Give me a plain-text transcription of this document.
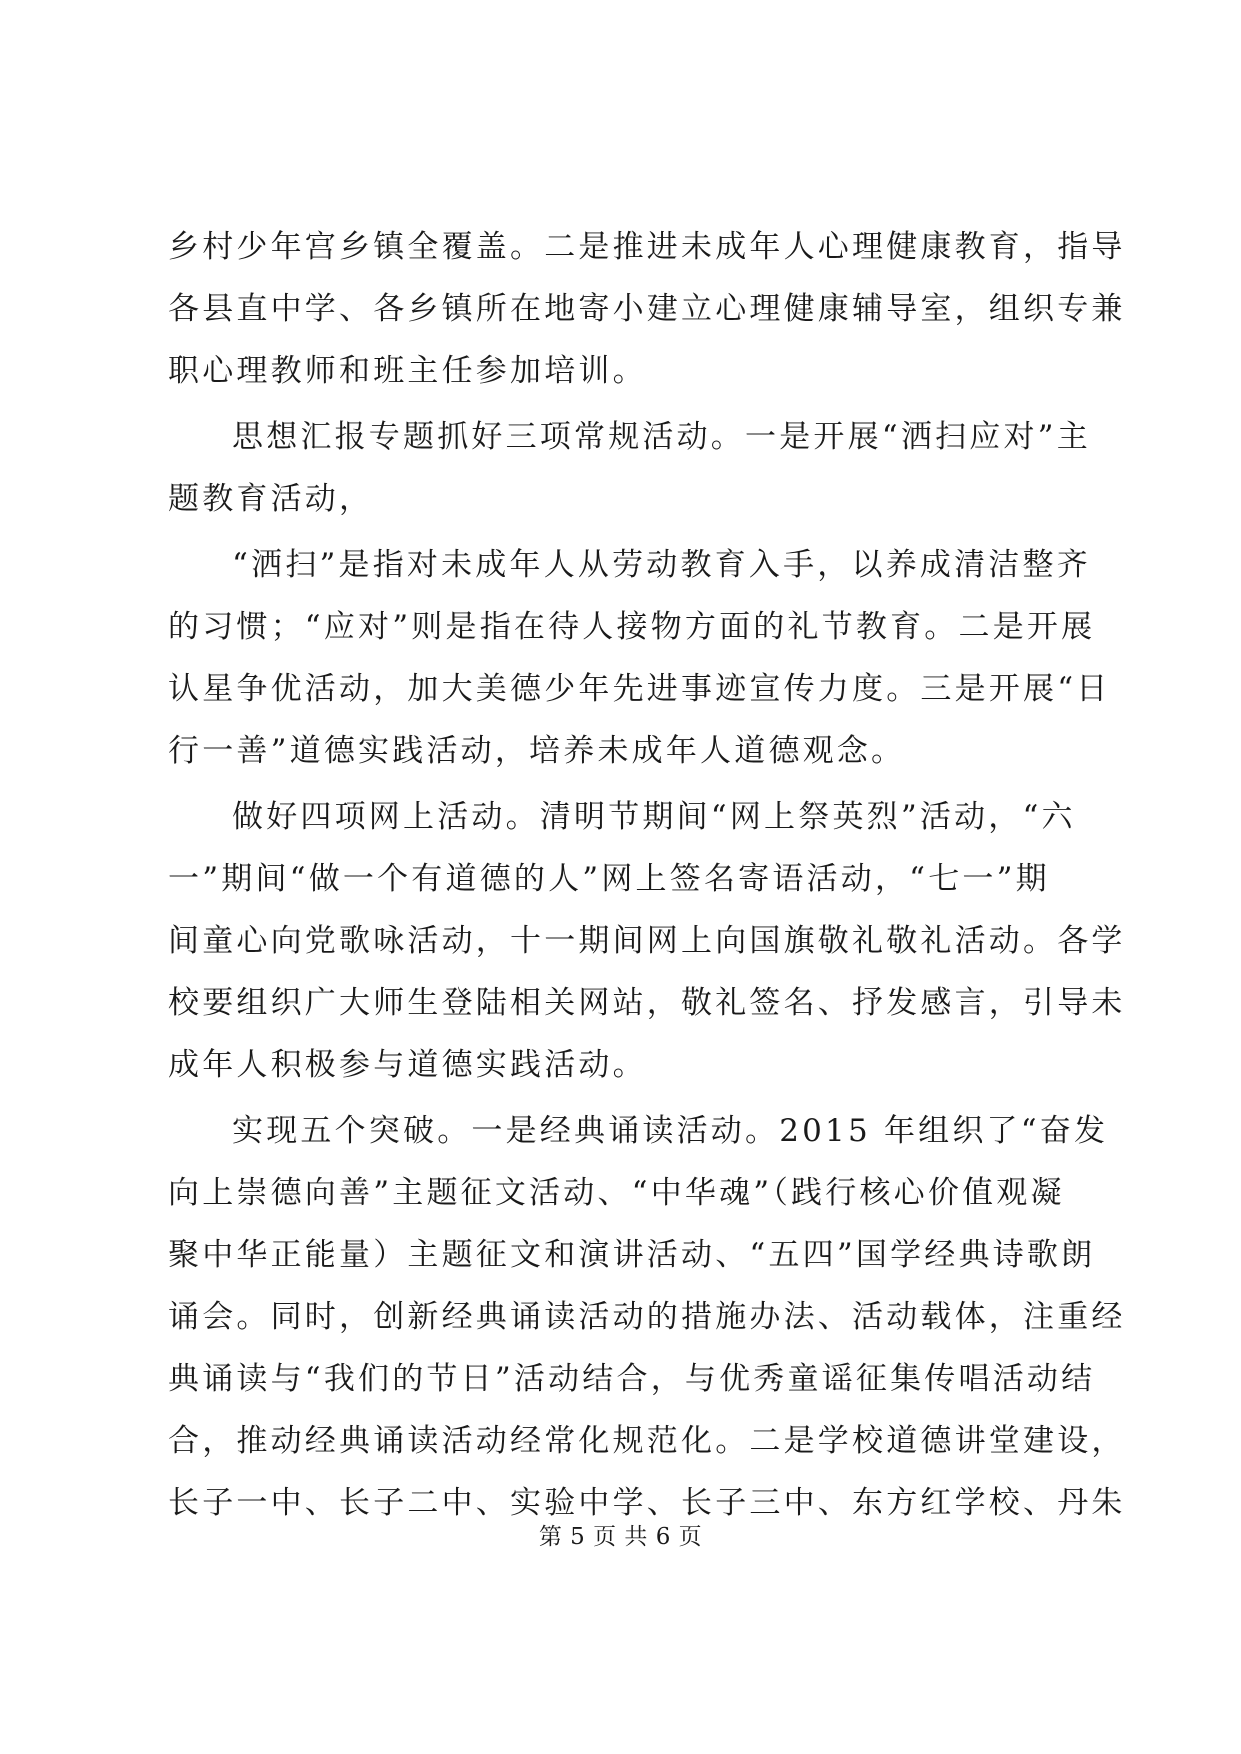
乡村少年宫乡镇全覆盖。二是推进未成年人心理健康教育，指导
各县直中学、各乡镇所在地寄小建立心理健康辅导室，组织专兼
职心理教师和班主任参加培训。
思想汇报专题抓好三项常规活动。一是开展“洒扫应对”主
题教育活动，
“洒扫”是指对未成年人从劳动教育入手，以养成清洁整齐
的习惯；“应对”则是指在待人接物方面的礼节教育。二是开展
认星争优活动，加大美德少年先进事迹宣传力度。三是开展“日
行一善”道德实践活动，培养未成年人道德观念。
做好四项网上活动。清明节期间“网上祭英烈”活动，“六
一”期间“做一个有道德的人”网上签名寄语活动，“七一”期
间童心向党歌咏活动，十一期间网上向国旗敬礼敬礼活动。各学
校要组织广大师生登陆相关网站，敬礼签名、抒发感言，引导未
成年人积极参与道德实践活动。
实现五个突破。一是经典诵读活动。2015 年组织了“奋发
向上崇德向善”主题征文活动、“中华魂”（践行核心价值观凝
聚中华正能量）主题征文和演讲活动、“五四”国学经典诗歌朗
诵会。同时，创新经典诵读活动的措施办法、活动载体，注重经
典诵读与“我们的节日”活动结合，与优秀童谣征集传唱活动结
合，推动经典诵读活动经常化规范化。二是学校道德讲堂建设，
长子一中、长子二中、实验中学、长子三中、东方红学校、丹朱
第 5 页 共 6 页
